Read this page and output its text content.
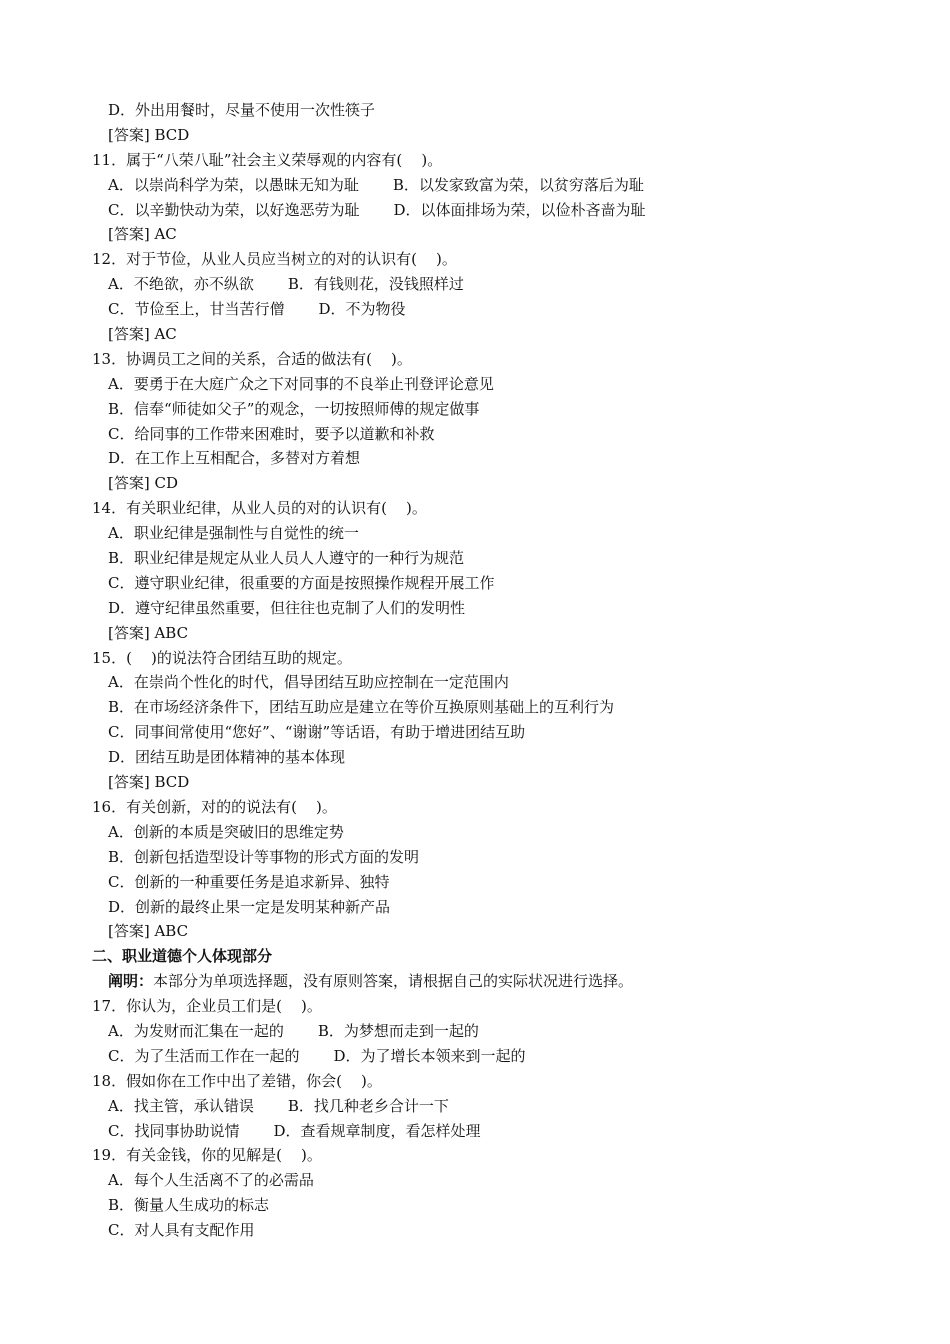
D．外出用餐时，尽量不使用一次性筷子
[答案] BCD
11．属于“八荣八耻”社会主义荣辱观的内容有(    )。
A．以崇尚科学为荣，以愚昧无知为耻 B．以发家致富为荣，以贫穷落后为耻
C．以辛勤快动为荣，以好逸恶劳为耻 D．以体面排场为荣，以俭朴吝啬为耻
[答案] AC
12．对于节俭，从业人员应当树立的对的认识有(    )。
A．不绝欲，亦不纵欲 B．有钱则花，没钱照样过
C．节俭至上，甘当苦行僧 D．不为物役
[答案] AC
13．协调员工之间的关系，合适的做法有(    )。
A．要勇于在大庭广众之下对同事的不良举止刊登评论意见
B．信奉“师徒如父子”的观念，一切按照师傅的规定做事
C．给同事的工作带来困难时，要予以道歉和补救
D．在工作上互相配合，多替对方着想
[答案] CD
14．有关职业纪律，从业人员的对的认识有(    )。
A．职业纪律是强制性与自觉性的统一
B．职业纪律是规定从业人员人人遵守的一种行为规范
C．遵守职业纪律，很重要的方面是按照操作规程开展工作
D．遵守纪律虽然重要，但往往也克制了人们的发明性
[答案] ABC
15．(    )的说法符合团结互助的规定。
A．在崇尚个性化的时代，倡导团结互助应控制在一定范围内
B．在市场经济条件下，团结互助应是建立在等价互换原则基础上的互利行为
C．同事间常使用“您好”、“谢谢”等话语，有助于增进团结互助
D．团结互助是团体精神的基本体现
[答案] BCD
16．有关创新，对的的说法有(    )。
A．创新的本质是突破旧的思维定势
B．创新包括造型设计等事物的形式方面的发明
C．创新的一种重要任务是追求新异、独特
D．创新的最终止果一定是发明某种新产品
[答案] ABC
二、职业道德个人体现部分
阐明：本部分为单项选择题，没有原则答案，请根据自己的实际状况进行选择。
17．你认为，企业员工们是(    )。
A．为发财而汇集在一起的 B．为梦想而走到一起的
C．为了生活而工作在一起的 D．为了增长本领来到一起的
18．假如你在工作中出了差错，你会(    )。
A．找主管，承认错误 B．找几种老乡合计一下
C．找同事协助说情 D．查看规章制度，看怎样处理
19．有关金钱，你的见解是(    )。
A．每个人生活离不了的必需品
B．衡量人生成功的标志
C．对人具有支配作用
